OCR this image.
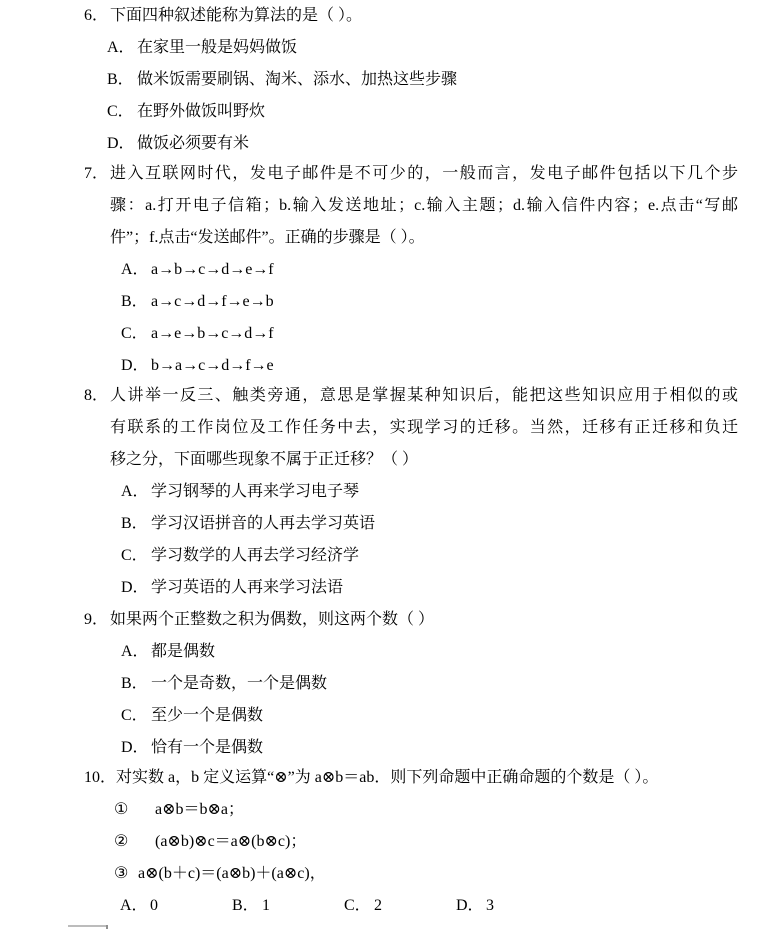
6． 下面四种叙述能称为算法的是（ ）。
A． 在家里一般是妈妈做饭
B． 做米饭需要刷锅、淘米、添水、加热这些步骤
C． 在野外做饭叫野炊
D． 做饭必须要有米
7． 进入互联网时代，发电子邮件是不可少的，一般而言，发电子邮件包括以下几个步
骤：a.打开电子信箱；b.输入发送地址；c.输入主题；d.输入信件内容；e.点击“写邮
件”；f.点击“发送邮件”。正确的步骤是（ ）。
A． a→b→c→d→e→f
B． a→c→d→f→e→b
C． a→e→b→c→d→f
D． b→a→c→d→f→e
8． 人讲举一反三、触类旁通，意思是掌握某种知识后，能把这些知识应用于相似的或
有联系的工作岗位及工作任务中去，实现学习的迁移。当然，迁移有正迁移和负迁
移之分，下面哪些现象不属于正迁移？（ ）
A． 学习钢琴的人再来学习电子琴
B． 学习汉语拼音的人再去学习英语
C． 学习数学的人再去学习经济学
D． 学习英语的人再来学习法语
9． 如果两个正整数之积为偶数，则这两个数（ ）
A． 都是偶数
B． 一个是奇数，一个是偶数
C． 至少一个是偶数
D． 恰有一个是偶数
10． 对实数 a，b 定义运算“⊗”为 a⊗b＝ab．则下列命题中正确命题的个数是（ ）。
①	a⊗b＝b⊗a；
②	(a⊗b)⊗c＝a⊗(b⊗c)；
③ a⊗(b＋c)＝(a⊗b)＋(a⊗c)，
A． 0	B． 1	C． 2	D． 3
